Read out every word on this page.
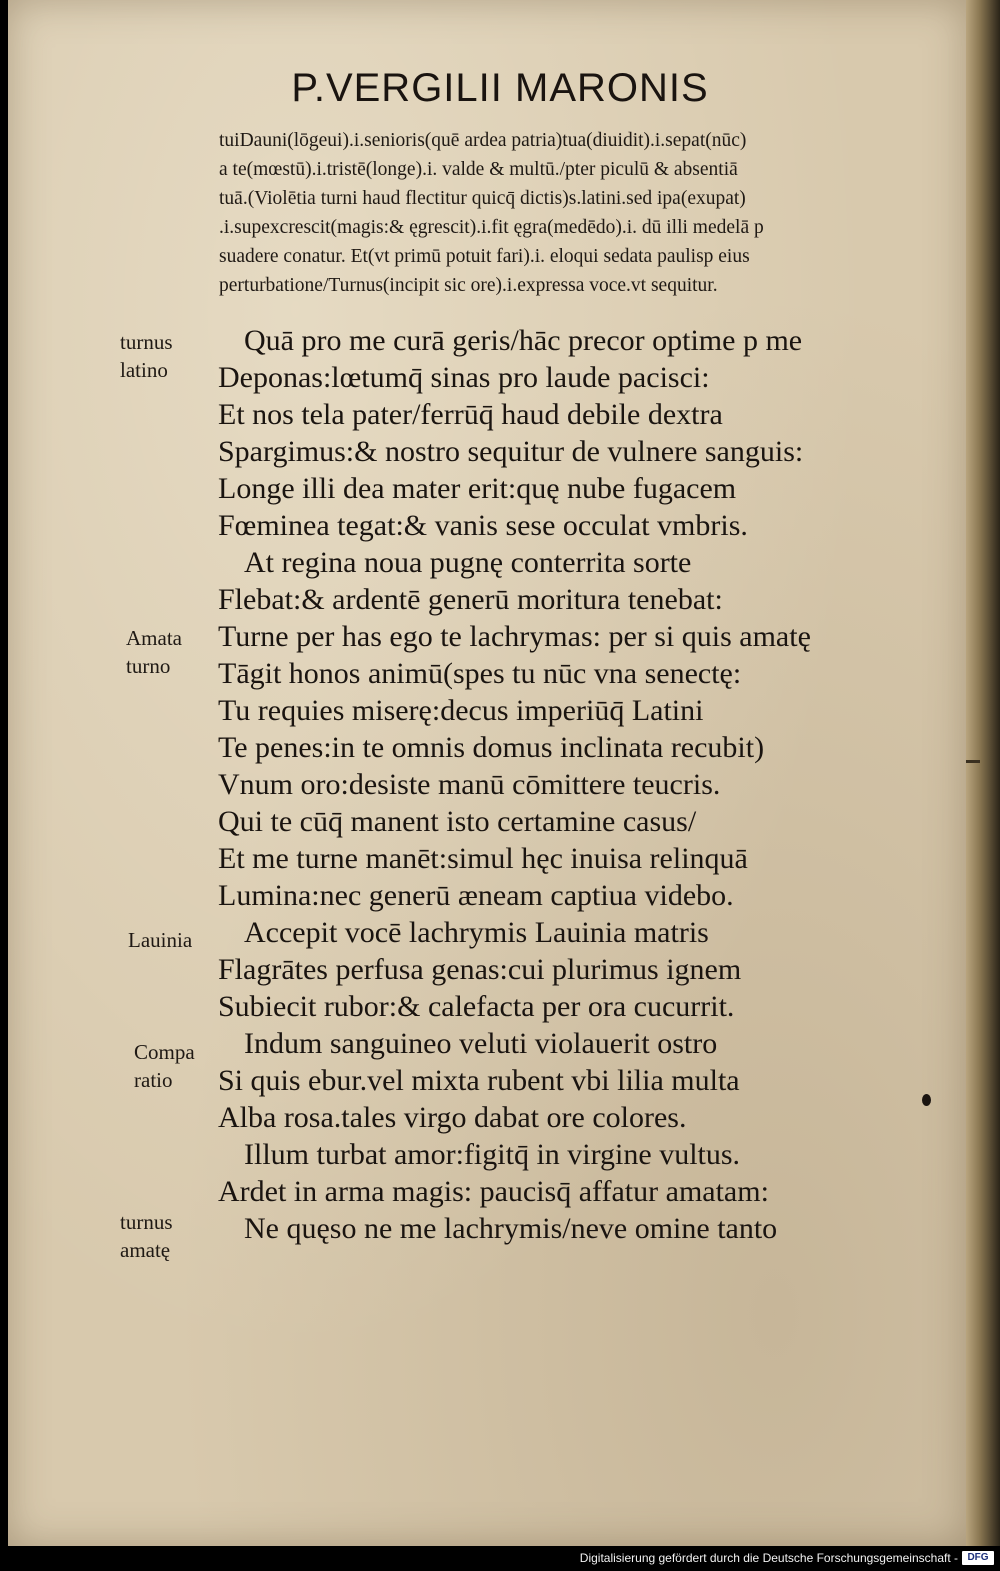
P.VERGILII MARONIS
tuiDauni(lōgeui).i.senioris(quē ardea patria)tua(diuidit).i.sepat(nūc)
a te(mœstū).i.tristē(longe).i. valde & multū./pter piculū & absentiā
tuā.(Violētia turni haud flectitur quicq̄ dictis)s.latini.sed ipa(exupat)
.i.supexcrescit(magis:& ęgrescit).i.fit ęgra(medēdo).i. dū illi medelā p
suadere conatur. Et(vt primū potuit fari).i. eloqui sedata paulisp eius
perturbatione/Turnus(incipit sic ore).i.expressa voce.vt sequitur.
turnus
latino
Amata
turno
Lauinia
Compa
ratio
turnus
amatę
Quā pro me curā geris/hāc precor optime p me
Deponas:lœtumq̄ sinas pro laude pacisci:
Et nos tela pater/ferrūq̄ haud debile dextra
Spargimus:& nostro sequitur de vulnere sanguis:
Longe illi dea mater erit:quę nube fugacem
Fœminea tegat:& vanis sese occulat vmbris.
At regina noua pugnę conterrita sorte
Flebat:& ardentē generū moritura tenebat:
Turne per has ego te lachrymas: per si quis amatę
Tāgit honos animū(spes tu nūc vna senectę:
Tu requies miserę:decus imperiūq̄ Latini
Te penes:in te omnis domus inclinata recubit)
Vnum oro:desiste manū cōmittere teucris.
Qui te cūq̄ manent isto certamine casus/
Et me turne manēt:simul hęc inuisa relinquā
Lumina:nec generū æneam captiua videbo.
Accepit vocē lachrymis Lauinia matris
Flagrātes perfusa genas:cui plurimus ignem
Subiecit rubor:& calefacta per ora cucurrit.
Indum sanguineo veluti violauerit ostro
Si quis ebur.vel mixta rubent vbi lilia multa
Alba rosa.tales virgo dabat ore colores.
Illum turbat amor:figitq̄ in virgine vultus.
Ardet in arma magis: paucisq̄ affatur amatam:
Ne quęso ne me lachrymis/neve omine tanto
Digitalisierung gefördert durch die Deutsche Forschungsgemeinschaft - DFG
